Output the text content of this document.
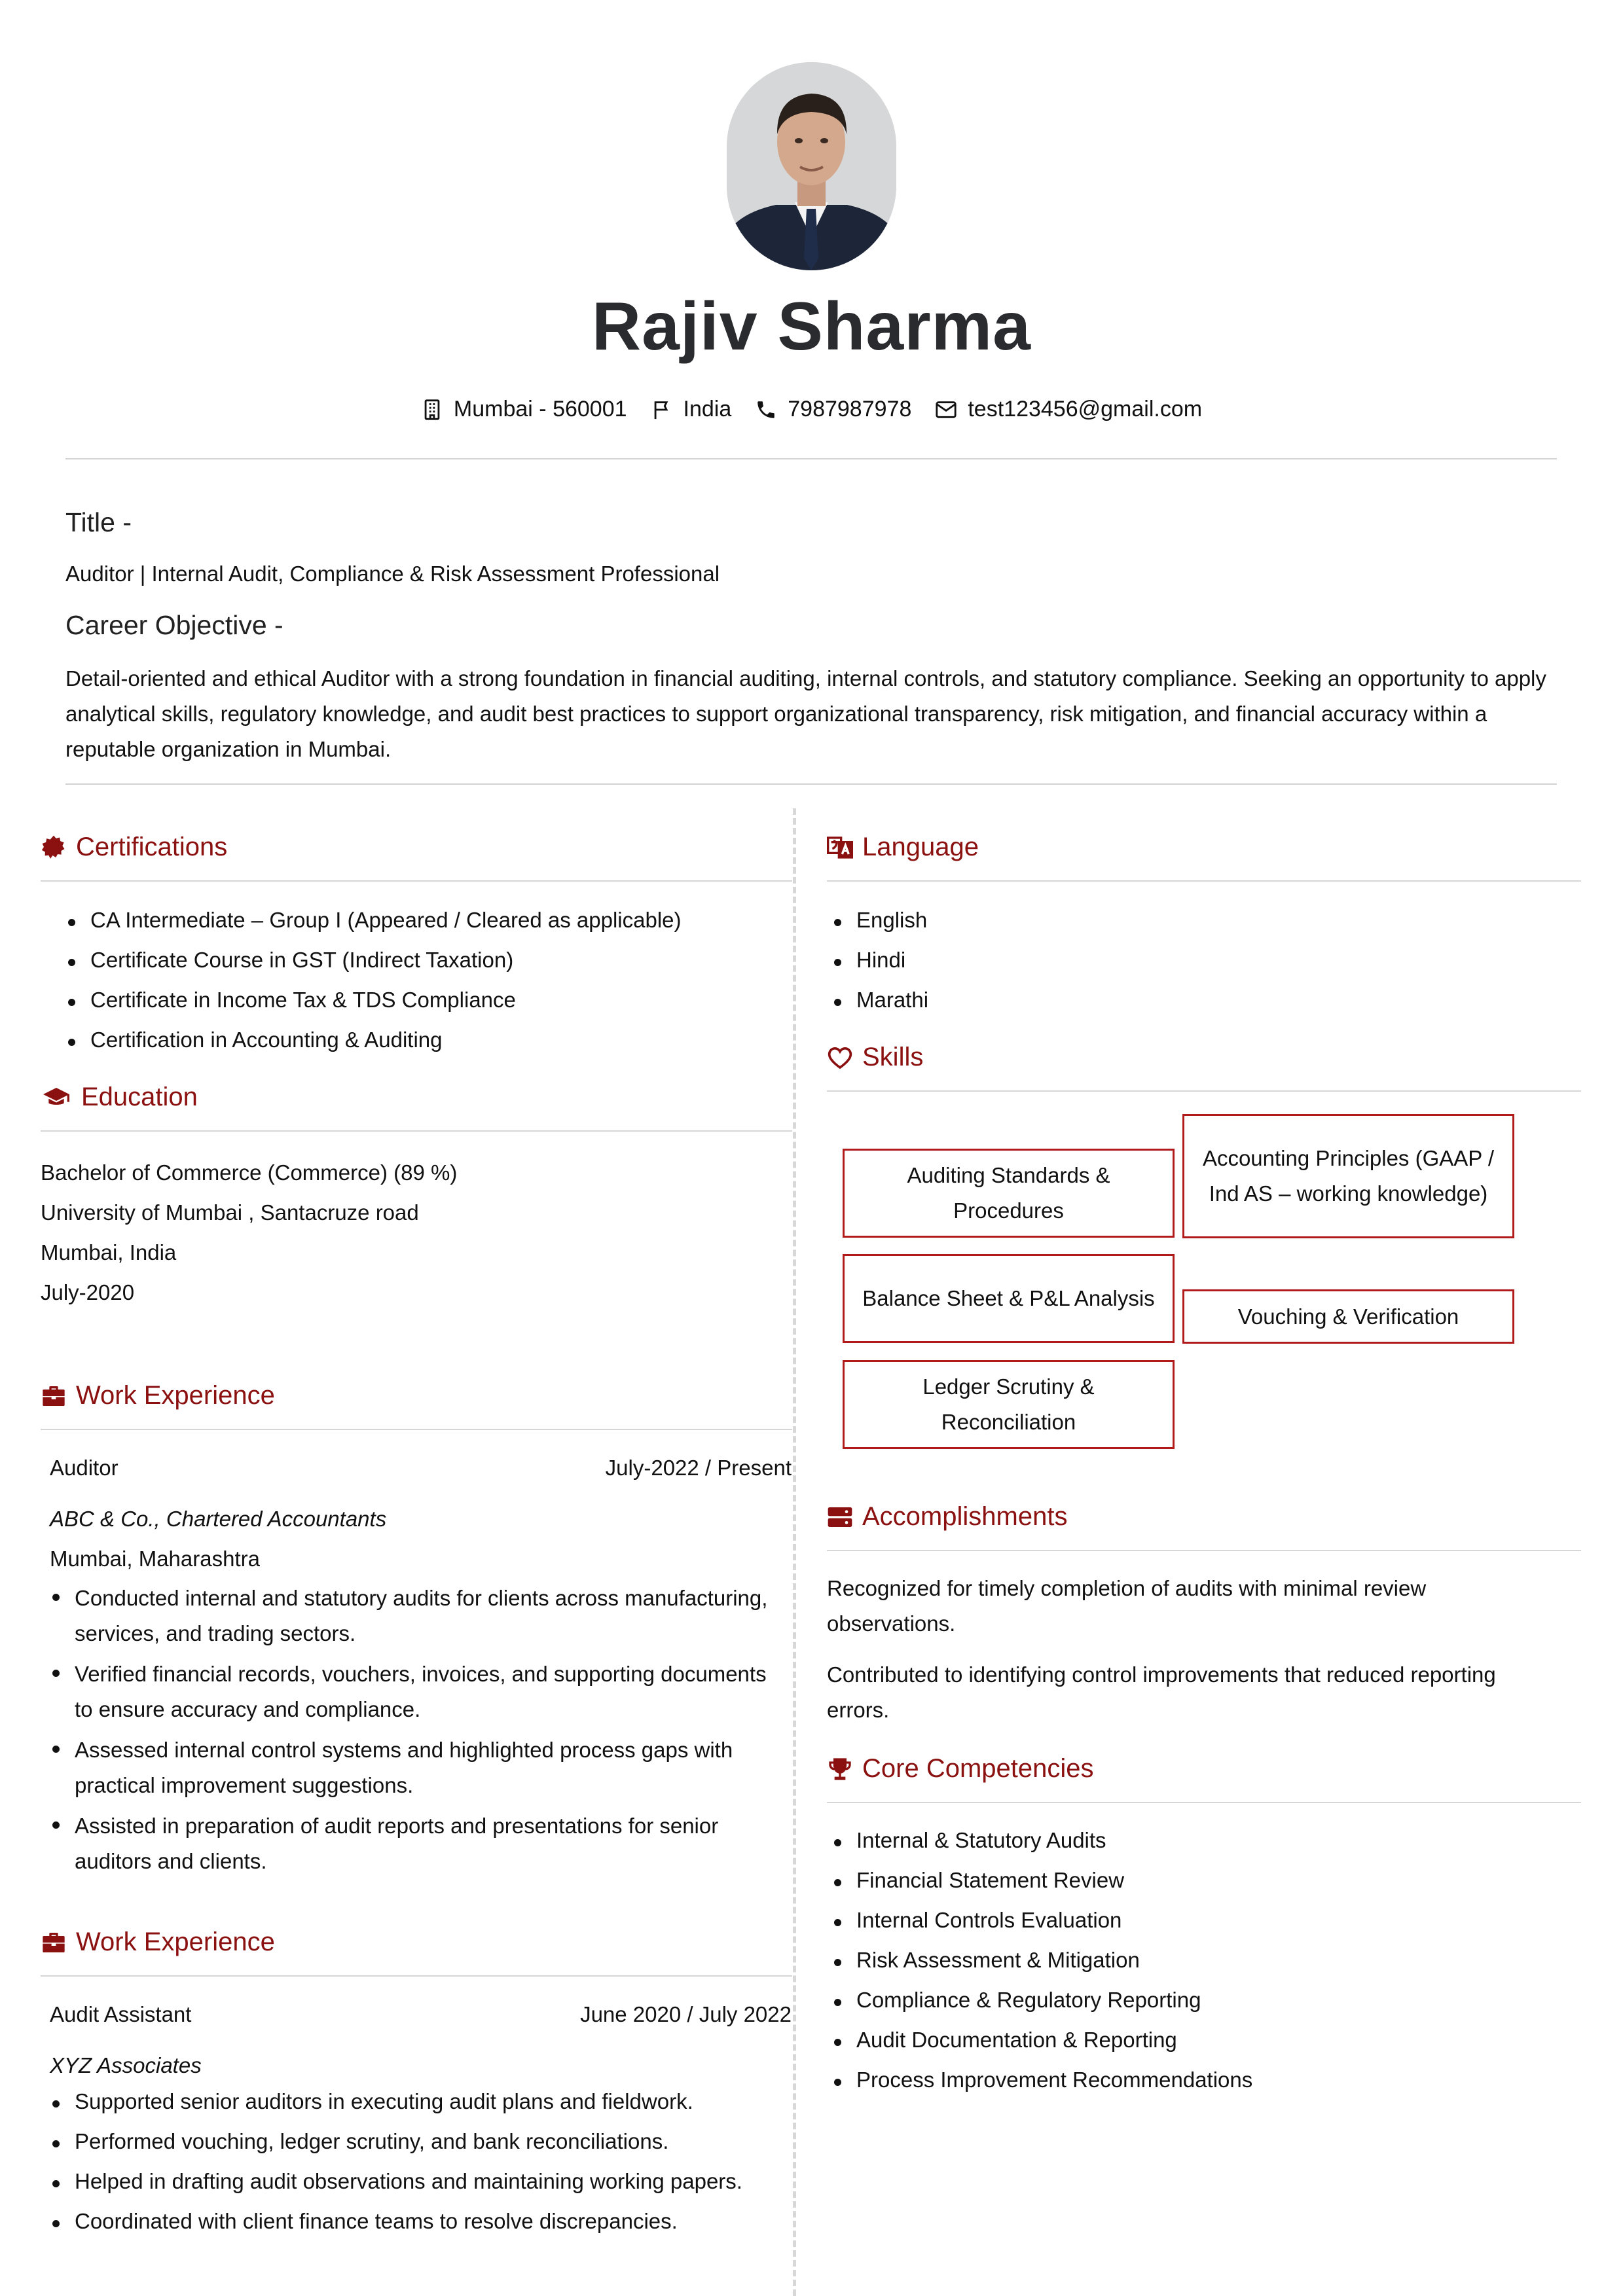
Rajiv Sharma
Mumbai - 560001	India	7987987978	test123456@gmail.com
Title -
Auditor | Internal Audit, Compliance & Risk Assessment Professional
Career Objective -
Detail-oriented and ethical Auditor with a strong foundation in financial auditing, internal controls, and statutory compliance. Seeking an opportunity to apply analytical skills, regulatory knowledge, and audit best practices to support organizational transparency, risk mitigation, and financial accuracy within a reputable organization in Mumbai.
Certifications
CA Intermediate – Group I (Appeared / Cleared as applicable)
Certificate Course in GST (Indirect Taxation)
Certificate in Income Tax & TDS Compliance
Certification in Accounting & Auditing
Education
Bachelor of Commerce (Commerce) (89 %)
University of Mumbai , Santacruze road
Mumbai, India
July-2020
Work Experience
Auditor	July-2022 / Present
ABC & Co., Chartered Accountants
Mumbai, Maharashtra
Conducted internal and statutory audits for clients across manufacturing, services, and trading sectors.
Verified financial records, vouchers, invoices, and supporting documents to ensure accuracy and compliance.
Assessed internal control systems and highlighted process gaps with practical improvement suggestions.
Assisted in preparation of audit reports and presentations for senior auditors and clients.
Work Experience
Audit Assistant	June 2020 / July 2022
XYZ Associates
Supported senior auditors in executing audit plans and fieldwork.
Performed vouching, ledger scrutiny, and bank reconciliations.
Helped in drafting audit observations and maintaining working papers.
Coordinated with client finance teams to resolve discrepancies.
Language
English
Hindi
Marathi
Skills
Accounting Principles (GAAP / Ind AS – working knowledge)
Auditing Standards & Procedures
Balance Sheet & P&L Analysis
Vouching & Verification
Ledger Scrutiny & Reconciliation
Accomplishments
Recognized for timely completion of audits with minimal review observations.
Contributed to identifying control improvements that reduced reporting errors.
Core Competencies
Internal & Statutory Audits
Financial Statement Review
Internal Controls Evaluation
Risk Assessment & Mitigation
Compliance & Regulatory Reporting
Audit Documentation & Reporting
Process Improvement Recommendations
